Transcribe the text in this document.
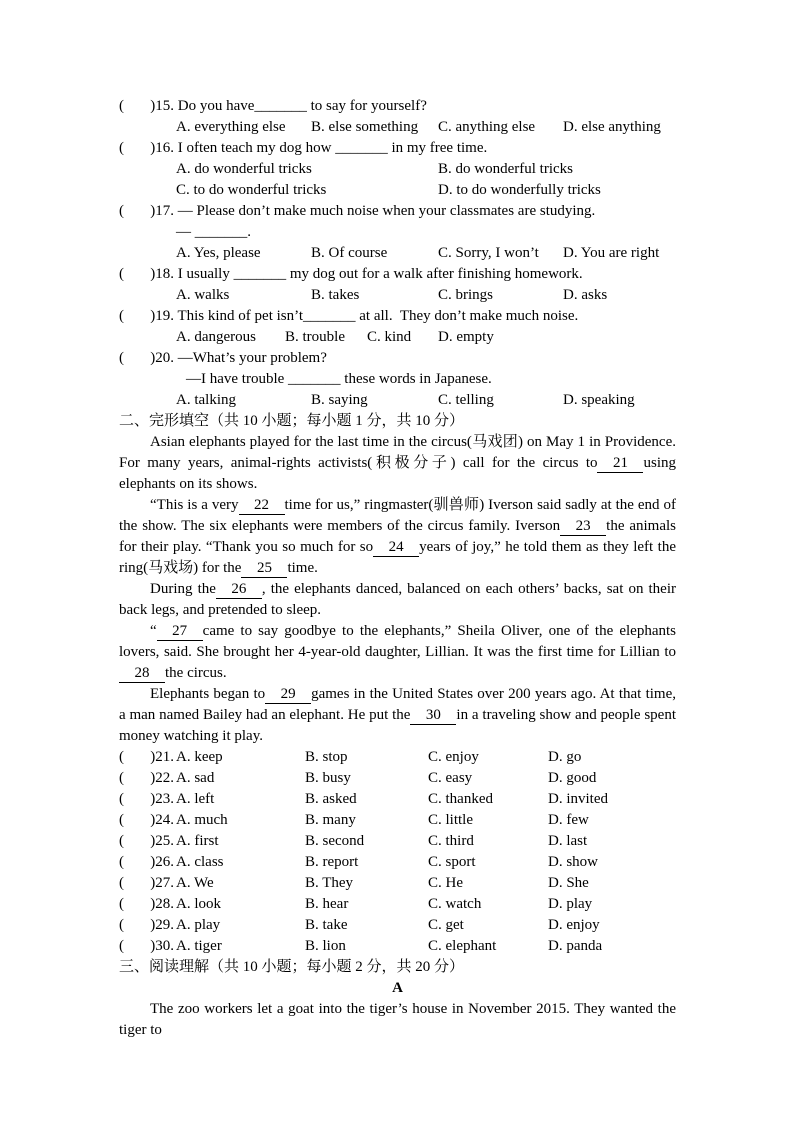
(       )15. Do you have_______ to say for yourself?
A. everything else	B. else something	C. anything else	D. else anything
(       )16. I often teach my dog how _______ in my free time.
A. do wonderful tricks	B. do wonderful tricks
C. to do wonderful tricks	D. to do wonderfully tricks
(       )17. — Please don’t make much noise when your classmates are studying.
— _______.
A. Yes, please	B. Of course	C. Sorry, I won’t	D. You are right
(       )18. I usually _______ my dog out for a walk after finishing homework.
A. walks	B. takes	C. brings	D. asks
(       )19. This kind of pet isn’t_______ at all.  They don’t make much noise.
A. dangerous	B. trouble	C. kind	D. empty
(       )20. —What’s your problem?
—I have trouble _______ these words in Japanese.
A. talking	B. saying	C. telling	D. speaking
二、完形填空（共 10 小题；每小题 1 分，共 10 分）

Asian elephants played for the last time in the circus(马戏团) on May 1 in Providence. For many years, animal-rights activists(积极分子) call for the circus to 21 using elephants on its shows.

“This is a very 22 time for us,” ringmaster(驯兽师) Iverson said sadly at the end of the show. The six elephants were members of the circus family. Iverson 23 the animals for their play. “Thank you so much for so 24 years of joy,” he told them as they left the ring(马戏场) for the 25 time.

During the 26 , the elephants danced, balanced on each others’ backs, sat on their back legs, and pretended to sleep.

“ 27 came to say goodbye to the elephants,” Sheila Oliver, one of the elephants lovers, said. She brought her 4-year-old daughter, Lillian. It was the first time for Lillian to28 the circus.

Elephants began to 29 games in the United States over 200 years ago. At that time, a man named Bailey had an elephant. He put the 30 in a traveling show and people spent money watching it play.

(       )21. A. keep	B. stop	C. enjoy	D. go
(       )22. A. sad	B. busy	C. easy	D. good
(       )23. A. left	B. asked	C. thanked	D. invited
(       )24. A. much	B. many	C. little	D. few
(       )25. A. first	B. second	C. third	D. last
(       )26. A. class	B. report	C. sport	D. show
(       )27. A. We	B. They	C. He	D. She
(       )28. A. look	B. hear	C. watch	D. play
(       )29. A. play	B. take	C. get	D. enjoy
(       )30. A. tiger	B. lion	C. elephant	D. panda
三、阅读理解（共 10 小题；每小题 2 分，共 20 分）
A

The zoo workers let a goat into the tiger’s house in November 2015. They wanted the tiger to
